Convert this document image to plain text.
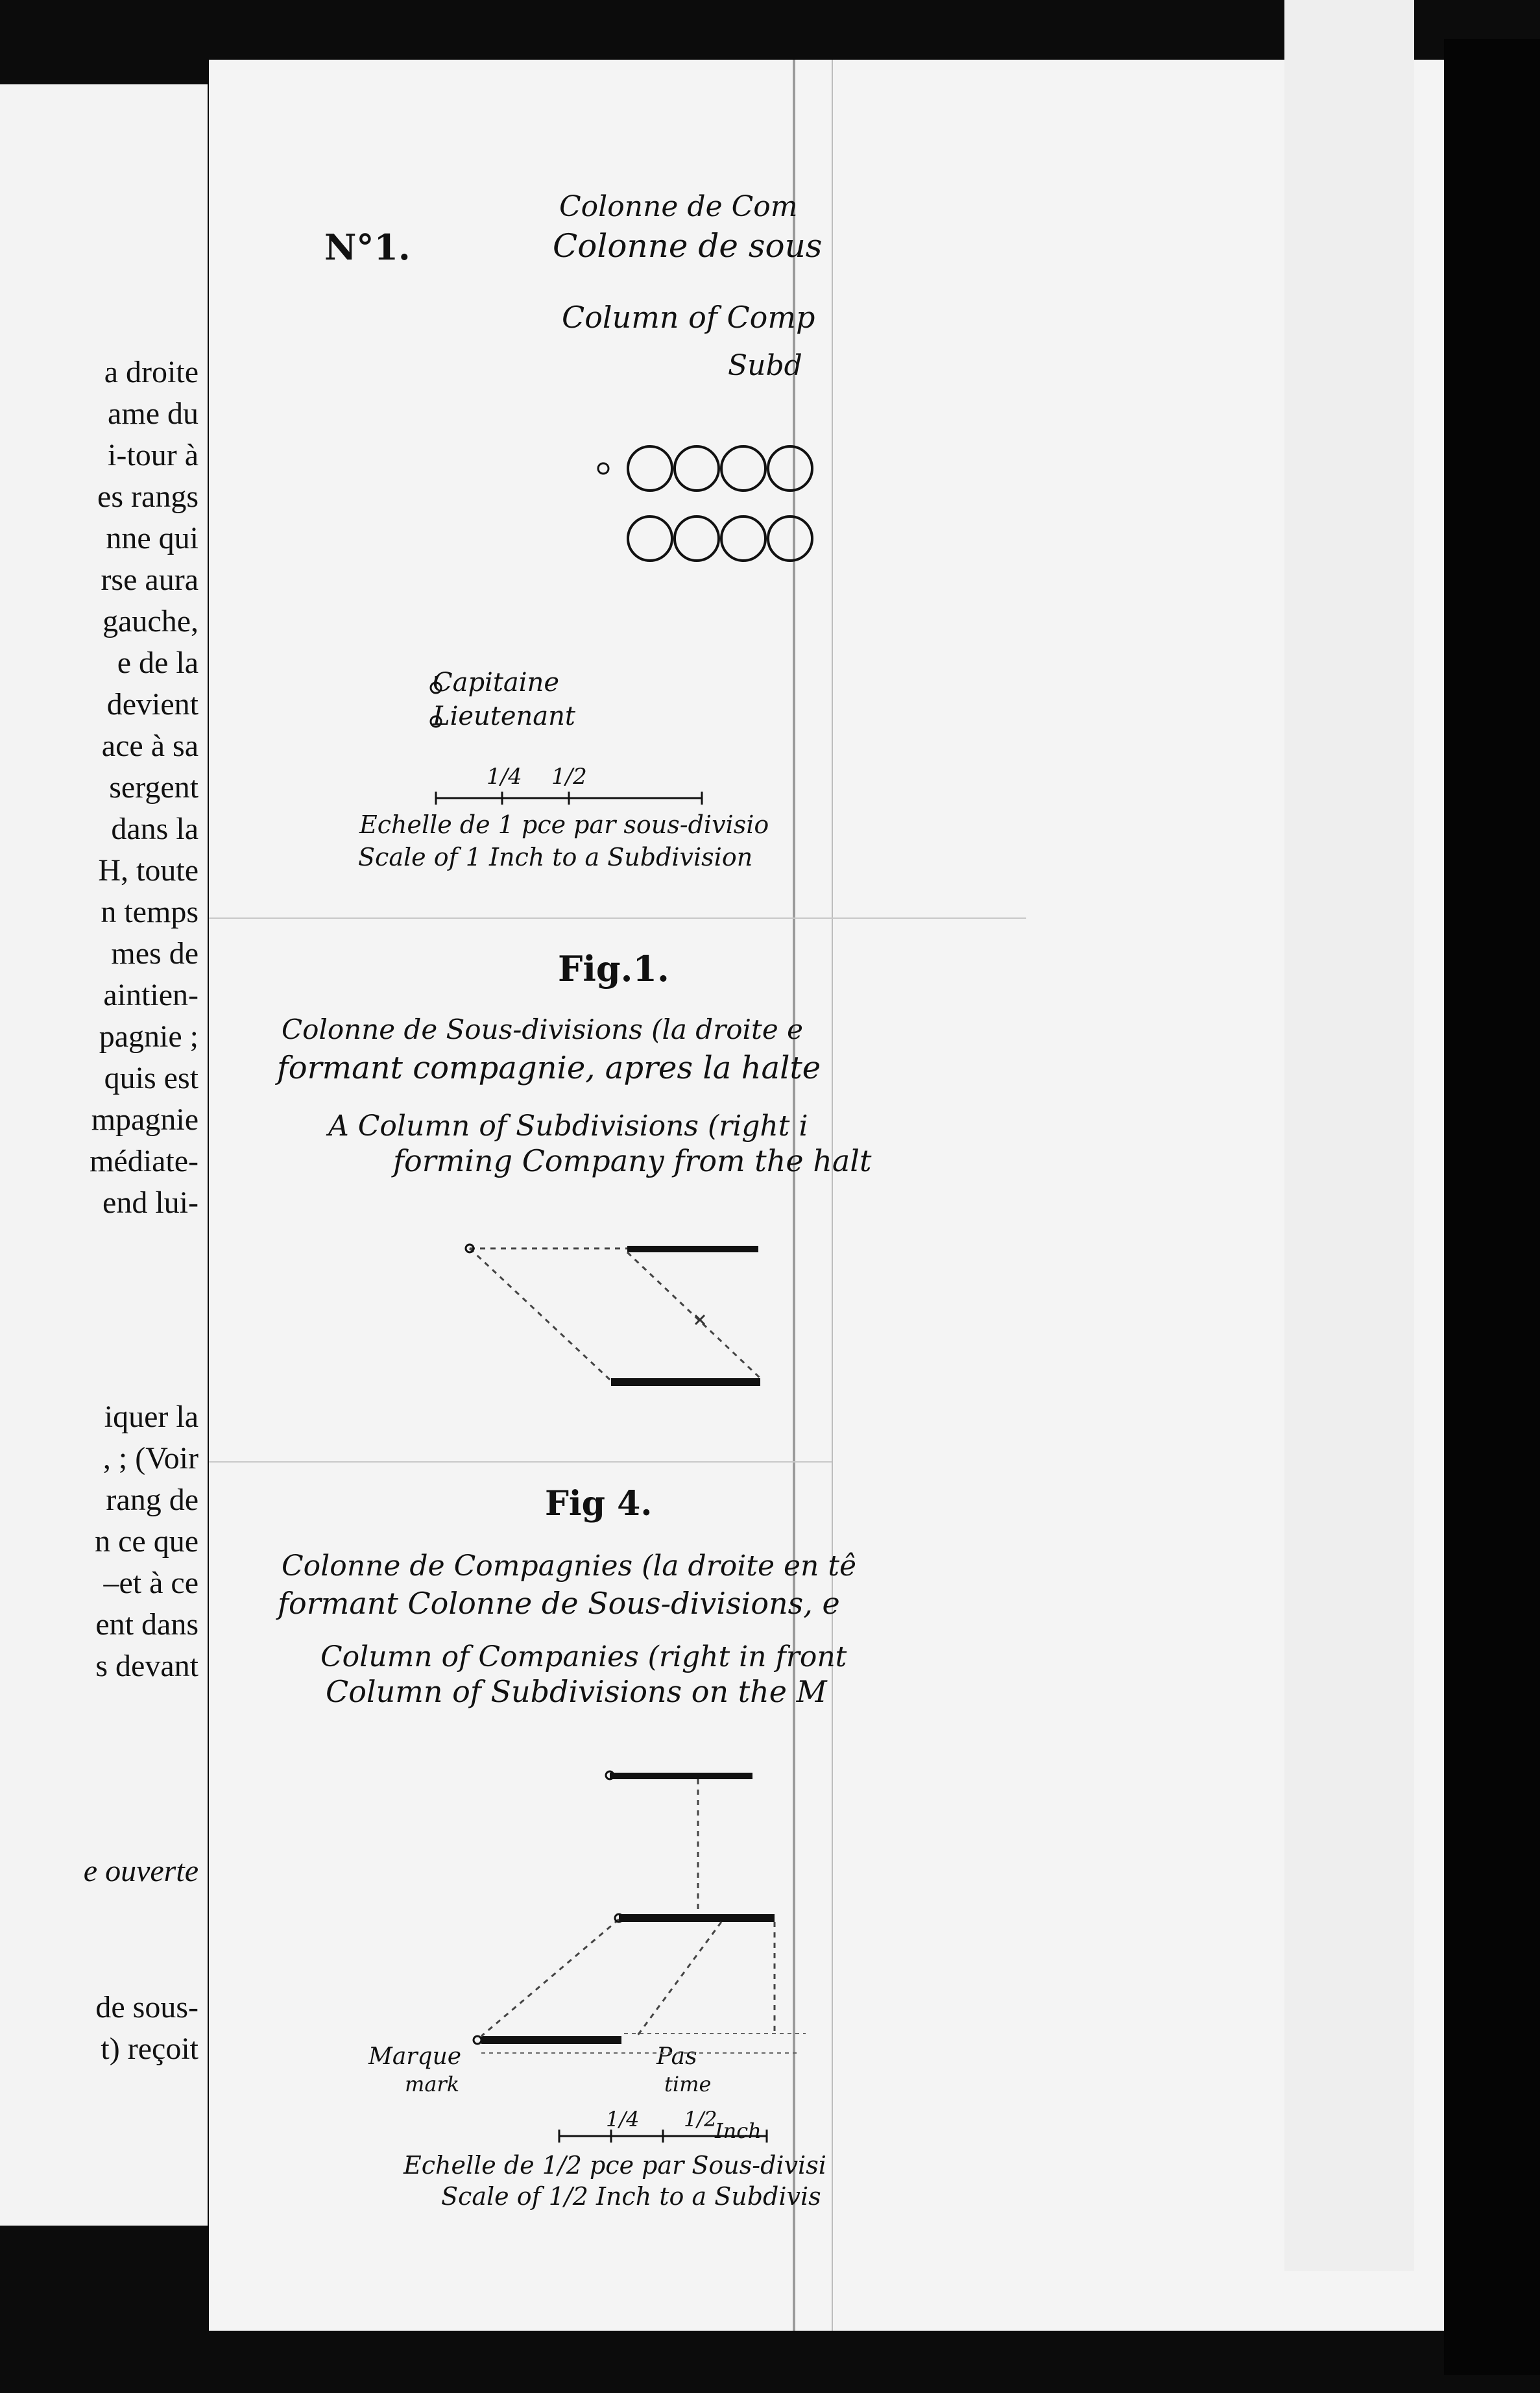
a droite
ame du
i-tour à
es rangs
nne qui
rse aura
gauche,
e de la
devient
ace à sa
sergent
dans la
H, toute
n temps
mes de
aintien-
pagnie ;
quis est
mpagnie
médiate-
end lui-
iquer la
, ; (Voir
rang de
n ce que
–et à ce
ent dans
s devant
e ouverte
de sous-
t) reçoit
N°1.
Colonne de Com
Colonne de sous
Column of Comp
Subd
Capitaine
Lieutenant
1/4 1/2
Echelle de 1 pce par sous-divisio
Scale of 1 Inch to a Subdivision
Fig.1.
Colonne de Sous-divisions (la droite e
formant compagnie, apres la halte
A Column of Subdivisions (right i
forming Company from the halt
Fig 4.
Colonne de Compagnies (la droite en tê
formant Colonne de Sous-divisions, e
Column of Companies (right in front
Column of Subdivisions on the M
Marque
mark
Pas
time
1/4 1/2
Inch
Echelle de 1/2 pce par Sous-divisi
Scale of 1/2 Inch to a Subdivis
